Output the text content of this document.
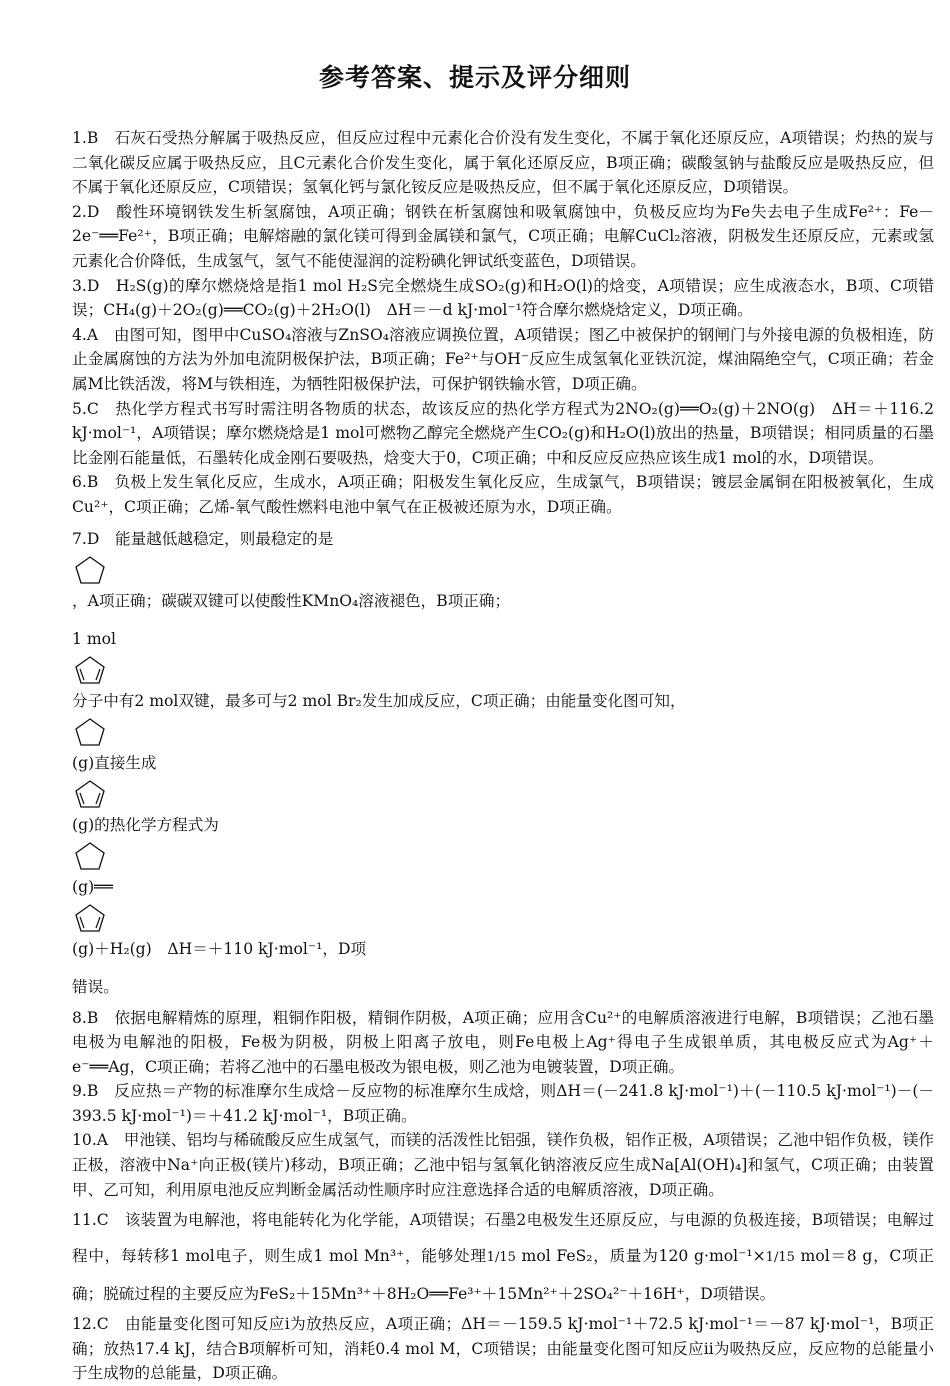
参考答案、提示及评分细则
1.B　石灰石受热分解属于吸热反应，但反应过程中元素化合价没有发生变化，不属于氧化还原反应，A项错误；灼热的炭与二氧化碳反应属于吸热反应，且C元素化合价发生变化，属于氧化还原反应，B项正确；碳酸氢钠与盐酸反应是吸热反应，但不属于氧化还原反应，C项错误；氢氧化钙与氯化铵反应是吸热反应，但不属于氧化还原反应，D项错误。
2.D　酸性环境钢铁发生析氢腐蚀，A项正确；钢铁在析氢腐蚀和吸氧腐蚀中，负极反应均为Fe失去电子生成Fe²⁺：Fe－2e⁻══Fe²⁺，B项正确；电解熔融的氯化镁可得到金属镁和氯气，C项正确；电解CuCl₂溶液，阴极发生还原反应，元素或氢元素化合价降低，生成氢气，氢气不能使湿润的淀粉碘化钾试纸变蓝色，D项错误。
3.D　H₂S(g)的摩尔燃烧焓是指1 mol H₂S完全燃烧生成SO₂(g)和H₂O(l)的焓变，A项错误；应生成液态水，B项、C项错误；CH₄(g)＋2O₂(g)══CO₂(g)＋2H₂O(l)　ΔH＝－d kJ·mol⁻¹符合摩尔燃烧焓定义，D项正确。
4.A　由图可知，图甲中CuSO₄溶液与ZnSO₄溶液应调换位置，A项错误；图乙中被保护的钢闸门与外接电源的负极相连，防止金属腐蚀的方法为外加电流阴极保护法，B项正确；Fe²⁺与OH⁻反应生成氢氧化亚铁沉淀，煤油隔绝空气，C项正确；若金属M比铁活泼，将M与铁相连，为牺牲阳极保护法，可保护钢铁输水管，D项正确。
5.C　热化学方程式书写时需注明各物质的状态，故该反应的热化学方程式为2NO₂(g)══O₂(g)＋2NO(g)　ΔH＝＋116.2 kJ·mol⁻¹，A项错误；摩尔燃烧焓是1 mol可燃物乙醇完全燃烧产生CO₂(g)和H₂O(l)放出的热量，B项错误；相同质量的石墨比金刚石能量低，石墨转化成金刚石要吸热，焓变大于0，C项正确；中和反应反应热应该生成1 mol的水，D项错误。
6.B　负极上发生氧化反应，生成水，A项正确；阳极发生氧化反应，生成氯气，B项错误；镀层金属铜在阳极被氧化，生成Cu²⁺，C项正确；乙烯-氧气酸性燃料电池中氧气在正极被还原为水，D项正确。
7.D　能量越低越稳定，则最稳定的是
，A项正确；碳碳双键可以使酸性KMnO₄溶液褪色，B项正确；
1 mol
分子中有2 mol双键，最多可与2 mol Br₂发生加成反应，C项正确；由能量变化图可知，

(g)直接生成
(g)的热化学方程式为
(g)══
(g)＋H₂(g)　ΔH＝＋110 kJ·mol⁻¹，D项
错误。
8.B　依据电解精炼的原理，粗铜作阳极，精铜作阴极，A项正确；应用含Cu²⁺的电解质溶液进行电解，B项错误；乙池石墨电极为电解池的阳极，Fe极为阴极，阴极上阳离子放电，则Fe电极上Ag⁺得电子生成银单质，其电极反应式为Ag⁺＋e⁻══Ag，C项正确；若将乙池中的石墨电极改为银电极，则乙池为电镀装置，D项正确。
9.B　反应热＝产物的标准摩尔生成焓－反应物的标准摩尔生成焓，则ΔH＝(－241.8 kJ·mol⁻¹)＋(－110.5 kJ·mol⁻¹)－(－393.5 kJ·mol⁻¹)＝＋41.2 kJ·mol⁻¹，B项正确。
10.A　甲池镁、铝均与稀硫酸反应生成氢气，而镁的活泼性比铝强，镁作负极，铝作正极，A项错误；乙池中铝作负极，镁作正极，溶液中Na⁺向正极(镁片)移动，B项正确；乙池中铝与氢氧化钠溶液反应生成Na[Al(OH)₄]和氢气，C项正确；由装置甲、乙可知，利用原电池反应判断金属活动性顺序时应注意选择合适的电解质溶液，D项正确。
11.C　该装置为电解池，将电能转化为化学能，A项错误；石墨2电极发生还原反应，与电源的负极连接，B项错误；电解过程中，每转移1 mol电子，则生成1 mol Mn³⁺，能够处理1/15 mol FeS₂，质量为120 g·mol⁻¹×1/15 mol＝8 g，C项正确；脱硫过程的主要反应为FeS₂＋15Mn³⁺＋8H₂O══Fe³⁺＋15Mn²⁺＋2SO₄²⁻＋16H⁺，D项错误。
12.C　由能量变化图可知反应ⅰ为放热反应，A项正确；ΔH＝－159.5 kJ·mol⁻¹＋72.5 kJ·mol⁻¹＝－87 kJ·mol⁻¹，B项正确；放热17.4 kJ，结合B项解析可知，消耗0.4 mol M，C项错误；由能量变化图可知反应ⅱ为吸热反应，反应物的总能量小于生成物的总能量，D项正确。
